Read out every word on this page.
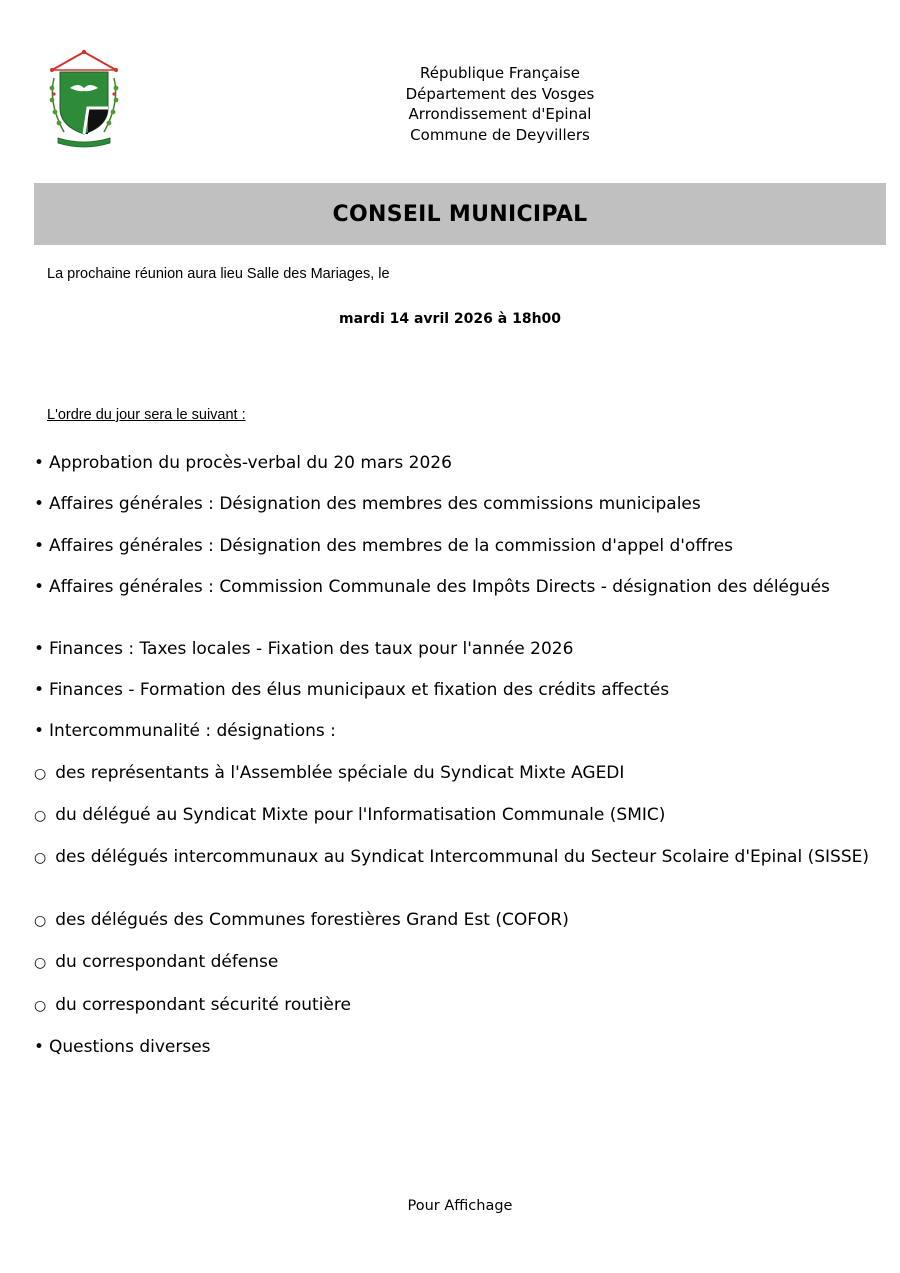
République Française
Département des Vosges
Arrondissement d'Epinal
Commune de Deyvillers
CONSEIL MUNICIPAL
La prochaine réunion aura lieu Salle des Mariages, le
mardi 14 avril 2026 à 18h00
L'ordre du jour sera le suivant :
• Approbation du procès-verbal du 20 mars 2026
• Affaires générales : Désignation des membres des commissions municipales
• Affaires générales : Désignation des membres de la commission d'appel d'offres
• Affaires générales : Commission Communale des Impôts Directs - désignation des délégués
• Finances : Taxes locales - Fixation des taux pour l'année 2026
• Finances - Formation des élus municipaux et fixation des crédits affectés
• Intercommunalité : désignations :
○ des représentants à l'Assemblée spéciale du Syndicat Mixte AGEDI
○ du délégué au Syndicat Mixte pour l'Informatisation Communale (SMIC)
○ des délégués intercommunaux au Syndicat Intercommunal du Secteur Scolaire d'Epinal (SISSE)
○ des délégués des Communes forestières Grand Est (COFOR)
○ du correspondant défense
○ du correspondant sécurité routière
• Questions diverses
Pour Affichage
